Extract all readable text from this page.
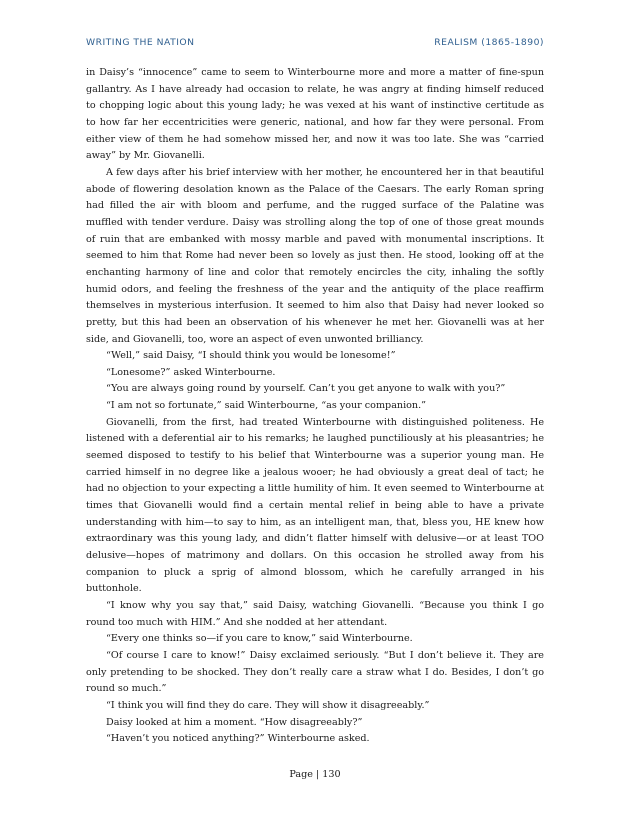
WRITING THE NATION	REALISM (1865-1890)

in Daisy’s “innocence” came to seem to Winterbourne more and more a matter of fine-spun gallantry. As I have already had occasion to relate, he was angry at finding himself reduced to chopping logic about this young lady; he was vexed at his want of instinctive certitude as to how far her eccentricities were generic, national, and how far they were personal. From either view of them he had somehow missed her, and now it was too late. She was “carried away” by Mr. Giovanelli.

A few days after his brief interview with her mother, he encountered her in that beautiful abode of flowering desolation known as the Palace of the Caesars. The early Roman spring had filled the air with bloom and perfume, and the rugged surface of the Palatine was muffled with tender verdure. Daisy was strolling along the top of one of those great mounds of ruin that are embanked with mossy marble and paved with monumental inscriptions. It seemed to him that Rome had never been so lovely as just then. He stood, looking off at the enchanting harmony of line and color that remotely encircles the city, inhaling the softly humid odors, and feeling the freshness of the year and the antiquity of the place reaffirm themselves in mysterious interfusion. It seemed to him also that Daisy had never looked so pretty, but this had been an observation of his whenever he met her. Giovanelli was at her side, and Giovanelli, too, wore an aspect of even unwonted brilliancy.

“Well,” said Daisy, “I should think you would be lonesome!”

“Lonesome?” asked Winterbourne.

“You are always going round by yourself. Can’t you get anyone to walk with you?”

“I am not so fortunate,” said Winterbourne, “as your companion.”

Giovanelli, from the first, had treated Winterbourne with distinguished politeness. He listened with a deferential air to his remarks; he laughed punctiliously at his pleasantries; he seemed disposed to testify to his belief that Winterbourne was a superior young man. He carried himself in no degree like a jealous wooer; he had obviously a great deal of tact; he had no objection to your expecting a little humility of him. It even seemed to Winterbourne at times that Giovanelli would find a certain mental relief in being able to have a private understanding with him—to say to him, as an intelligent man, that, bless you, HE knew how extraordinary was this young lady, and didn’t flatter himself with delusive—or at least TOO delusive—hopes of matrimony and dollars. On this occasion he strolled away from his companion to pluck a sprig of almond blossom, which he carefully arranged in his buttonhole.

“I know why you say that,” said Daisy, watching Giovanelli. “Because you think I go round too much with HIM.” And she nodded at her attendant.

“Every one thinks so—if you care to know,” said Winterbourne.

“Of course I care to know!” Daisy exclaimed seriously. “But I don’t believe it. They are only pretending to be shocked. They don’t really care a straw what I do. Besides, I don’t go round so much.”

“I think you will find they do care. They will show it disagreeably.”

Daisy looked at him a moment. “How disagreeably?”

“Haven’t you noticed anything?” Winterbourne asked.

Page | 130
